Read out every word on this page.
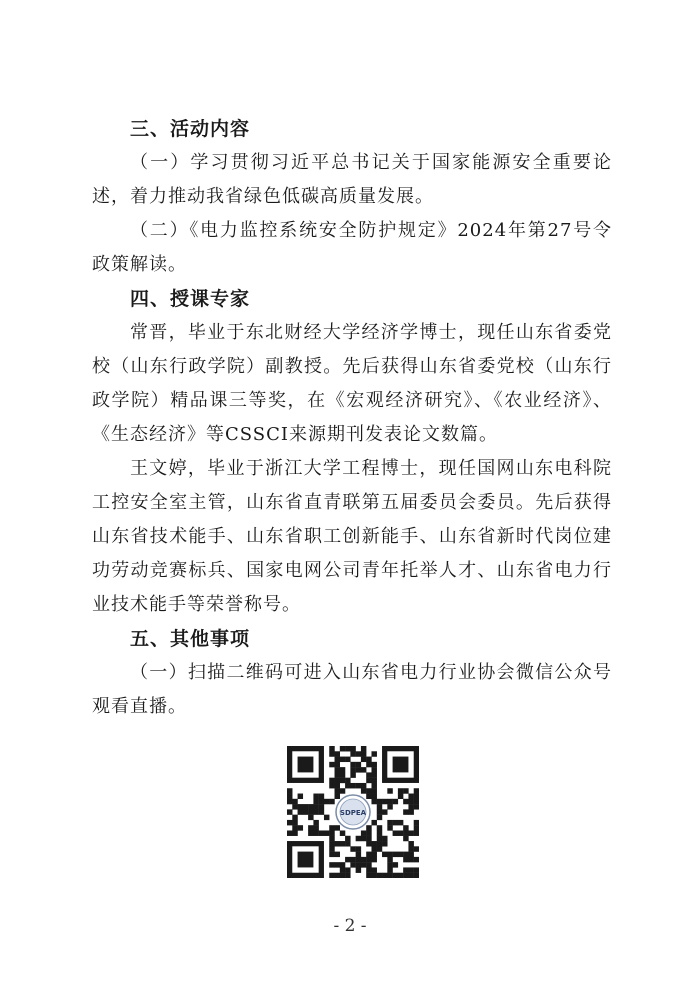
三、活动内容

（一）学习贯彻习近平总书记关于国家能源安全重要论述，着力推动我省绿色低碳高质量发展。

（二）《电力监控系统安全防护规定》2024年第27号令政策解读。

四、授课专家

常晋，毕业于东北财经大学经济学博士，现任山东省委党校（山东行政学院）副教授。先后获得山东省委党校（山东行政学院）精品课三等奖，在《宏观经济研究》、《农业经济》、《生态经济》等CSSCI来源期刊发表论文数篇。

王文婷，毕业于浙江大学工程博士，现任国网山东电科院工控安全室主管，山东省直青联第五届委员会委员。先后获得山东省技术能手、山东省职工创新能手、山东省新时代岗位建功劳动竞赛标兵、国家电网公司青年托举人才、山东省电力行业技术能手等荣誉称号。

五、其他事项

（一）扫描二维码可进入山东省电力行业协会微信公众号观看直播。

SDPEA
- 2 -
